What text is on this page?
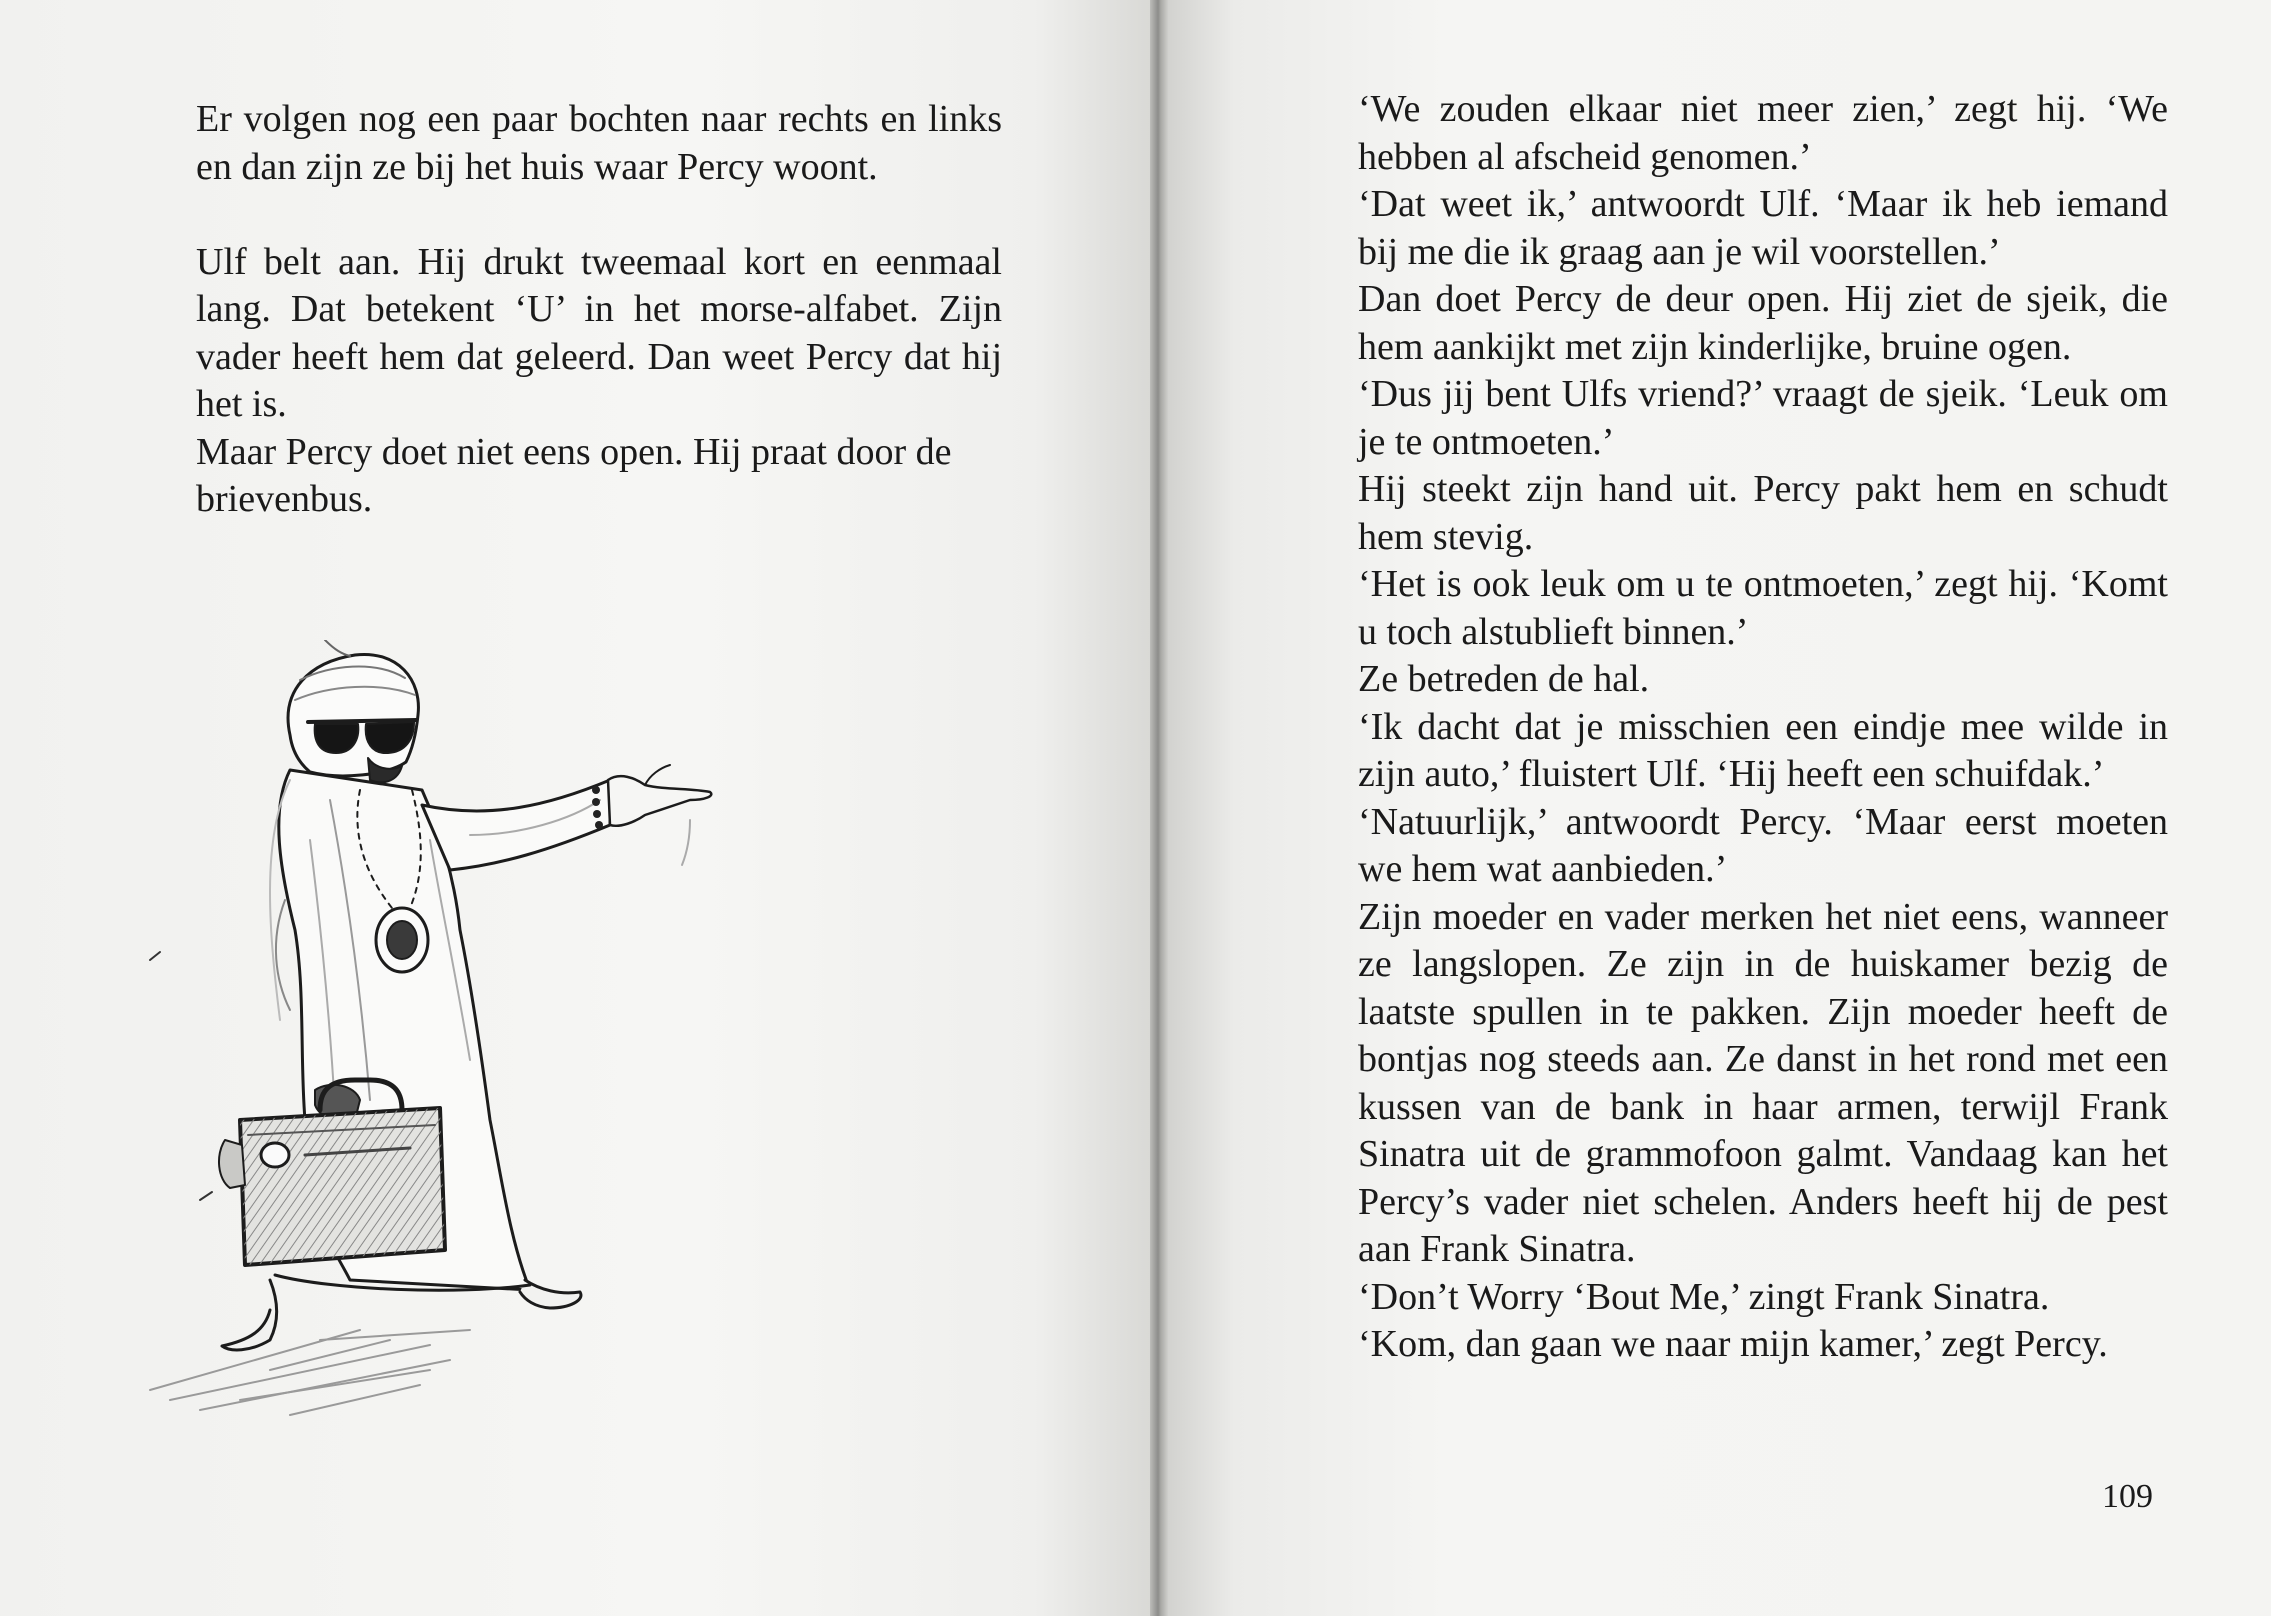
Er volgen nog een paar bochten naar rechts en links en dan zijn ze bij het huis waar Percy woont.

Ulf belt aan. Hij drukt tweemaal kort en eenmaal lang. Dat betekent ‘U’ in het morse-alfabet. Zijn vader heeft hem dat geleerd. Dan weet Percy dat hij het is.

Maar Percy doet niet eens open. Hij praat door de brievenbus.

‘We zouden elkaar niet meer zien,’ zegt hij. ‘We hebben al afscheid genomen.’

‘Dat weet ik,’ antwoordt Ulf. ‘Maar ik heb iemand bij me die ik graag aan je wil voorstellen.’

Dan doet Percy de deur open. Hij ziet de sjeik, die hem aankijkt met zijn kinderlijke, bruine ogen.

‘Dus jij bent Ulfs vriend?’ vraagt de sjeik. ‘Leuk om je te ontmoeten.’

Hij steekt zijn hand uit. Percy pakt hem en schudt hem stevig.

‘Het is ook leuk om u te ontmoeten,’ zegt hij. ‘Komt u toch alstublieft binnen.’

Ze betreden de hal.

‘Ik dacht dat je misschien een eindje mee wilde in zijn auto,’ fluistert Ulf. ‘Hij heeft een schuifdak.’

‘Natuurlijk,’ antwoordt Percy. ‘Maar eerst moeten we hem wat aanbieden.’

Zijn moeder en vader merken het niet eens, wanneer ze langslopen. Ze zijn in de huiskamer bezig de laatste spullen in te pakken. Zijn moeder heeft de bontjas nog steeds aan. Ze danst in het rond met een kussen van de bank in haar armen, terwijl Frank Sinatra uit de grammofoon galmt. Vandaag kan het Percy’s vader niet schelen. Anders heeft hij de pest aan Frank Sinatra.

‘Don’t Worry ‘Bout Me,’ zingt Frank Sinatra.

‘Kom, dan gaan we naar mijn kamer,’ zegt Percy.

109
